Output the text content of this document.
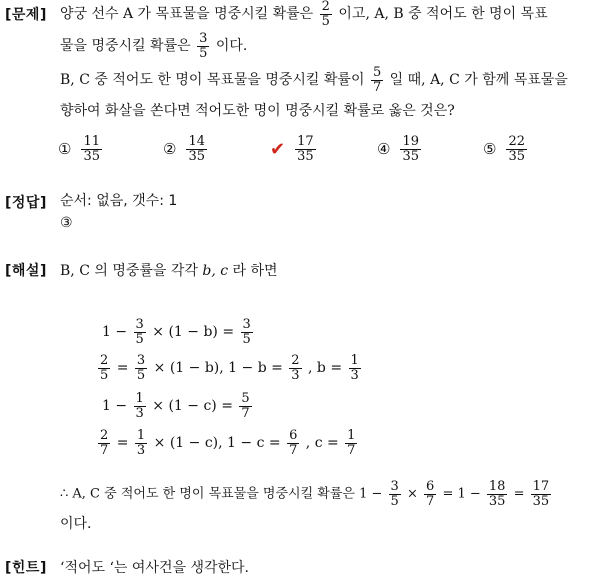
[문제]
[정답]
[해설]
[힌트]
양궁 선수 A 가 목표물을 명중시킬 확률은 $\frac{2}{5}$ 이고, A, B 중 적어도 한 명이 목표
물을 명중시킬 확률은 $\frac{3}{5}$ 이다.
B, C 중 적어도 한 명이 목표물을 명중시킬 확률이 $\frac{5}{7}$ 일 때, A, C 가 함께 목표물을
향하여 화살을 쏜다면 적어도한 명이 명중시킬 확률로 옳은 것은?
① $\frac{11}{35}$	② $\frac{14}{35}$	✔ $\frac{17}{35}$	④ $\frac{19}{35}$	⑤ $\frac{22}{35}$
순서: 없음, 갯수: 1
③
B, C 의 명중률을 각각 b, c 라 하면
$1 - \frac{3}{5} \times (1 - b) = \frac{3}{5}$
$\frac{2}{5} = \frac{3}{5} \times (1 - b)$, $1 - b = \frac{2}{3}$ , $b = \frac{1}{3}$
$1 - \frac{1}{3} \times (1 - c) = \frac{5}{7}$
$\frac{2}{7} = \frac{1}{3} \times (1 - c)$, $1 - c = \frac{6}{7}$ , $c = \frac{1}{7}$
∴ A, C 중 적어도 한 명이 목표물을 명중시킬 확률은 $1 - \frac{3}{5} \times \frac{6}{7} = 1 - \frac{18}{35} = \frac{17}{35}$
이다.
‘적어도 ‘는 여사건을 생각한다.
